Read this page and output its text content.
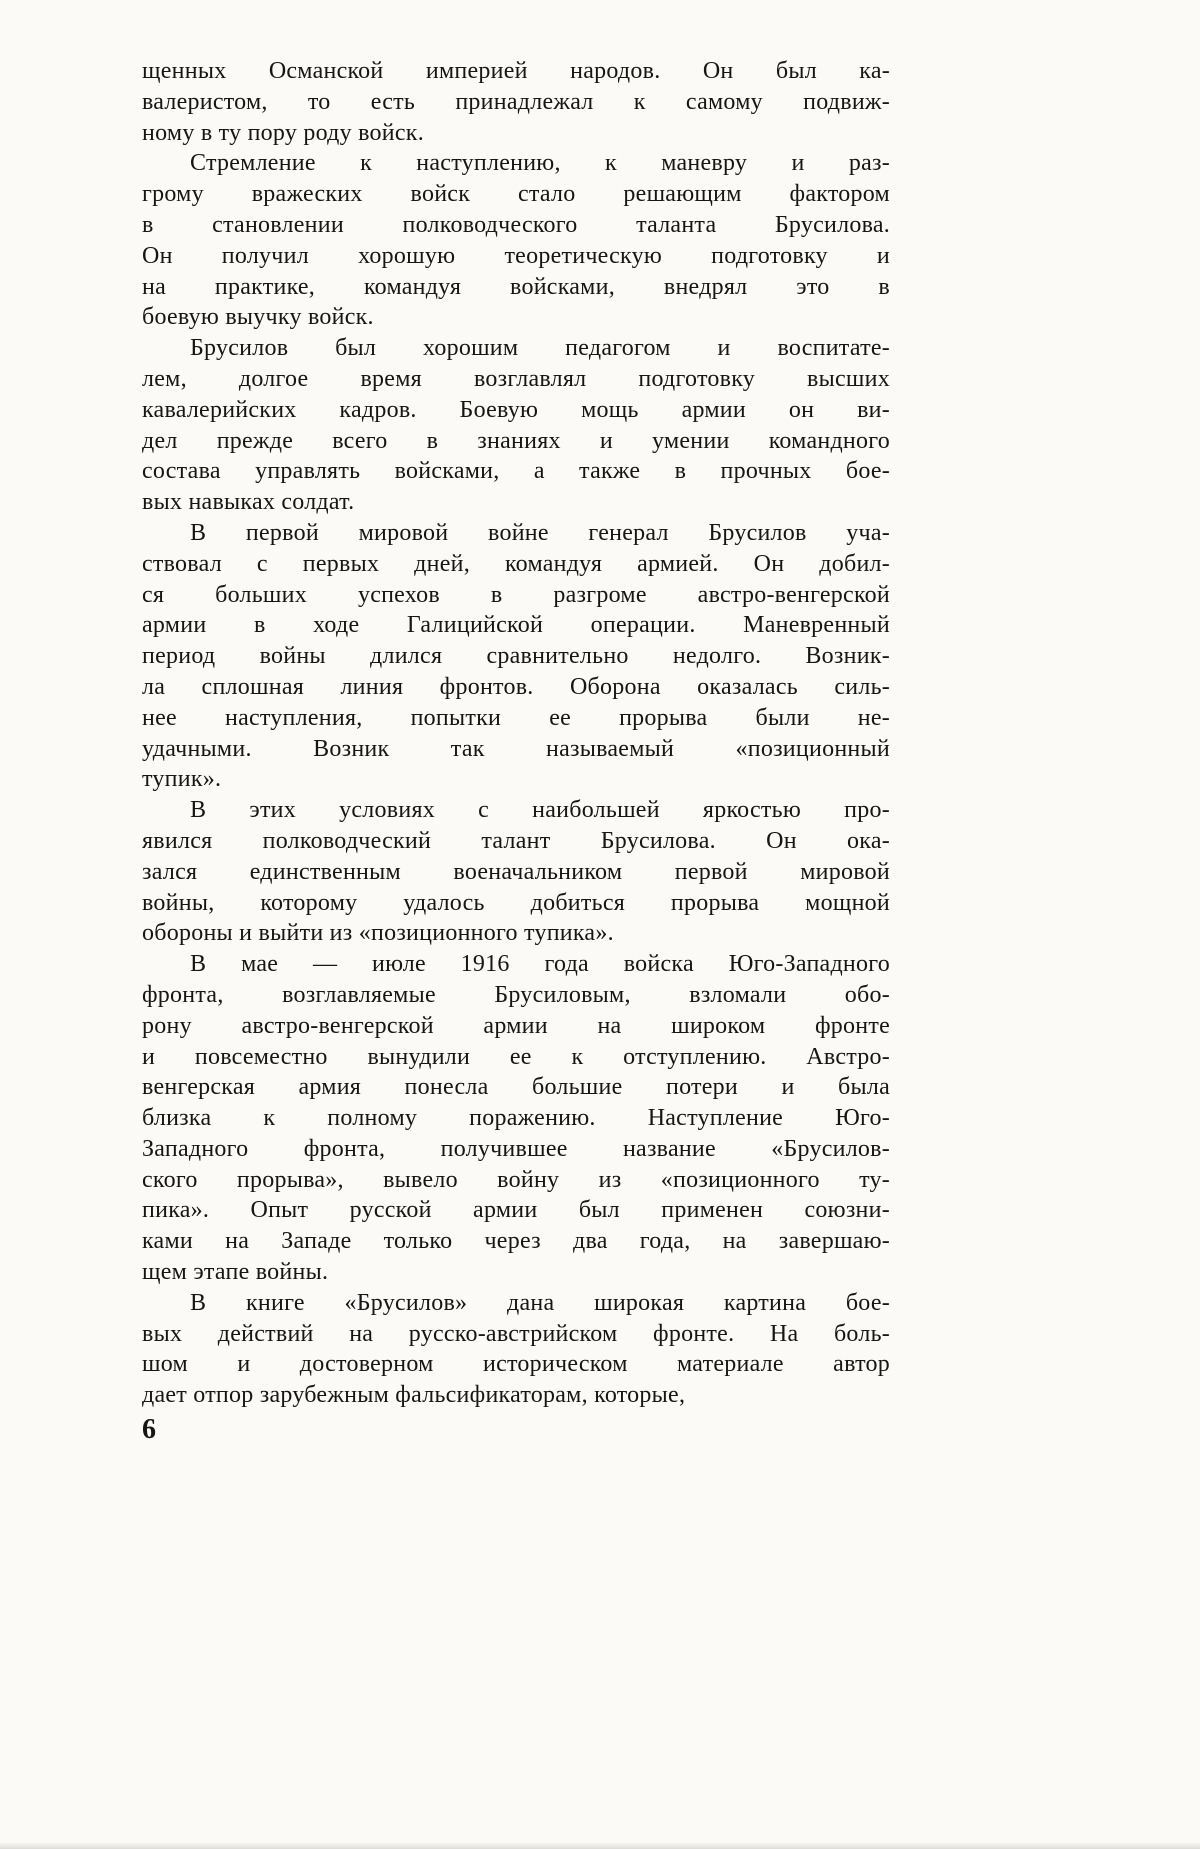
щенных Османской империей народов. Он был ка-
валеристом, то есть принадлежал к самому подвиж-
ному в ту пору роду войск.
Стремление к наступлению, к маневру и раз-
грому вражеских войск стало решающим фактором
в становлении полководческого таланта Брусилова.
Он получил хорошую теоретическую подготовку и
на практике, командуя войсками, внедрял это в
боевую выучку войск.
Брусилов был хорошим педагогом и воспитате-
лем, долгое время возглавлял подготовку высших
кавалерийских кадров. Боевую мощь армии он ви-
дел прежде всего в знаниях и умении командного
состава управлять войсками, а также в прочных бое-
вых навыках солдат.
В первой мировой войне генерал Брусилов уча-
ствовал с первых дней, командуя армией. Он добил-
ся больших успехов в разгроме австро-венгерской
армии в ходе Галицийской операции. Маневренный
период войны длился сравнительно недолго. Возник-
ла сплошная линия фронтов. Оборона оказалась силь-
нее наступления, попытки ее прорыва были не-
удачными. Возник так называемый «позиционный
тупик».
В этих условиях с наибольшей яркостью про-
явился полководческий талант Брусилова. Он ока-
зался единственным военачальником первой мировой
войны, которому удалось добиться прорыва мощной
обороны и выйти из «позиционного тупика».
В мае — июле 1916 года войска Юго-Западного
фронта, возглавляемые Брусиловым, взломали обо-
рону австро-венгерской армии на широком фронте
и повсеместно вынудили ее к отступлению. Австро-
венгерская армия понесла большие потери и была
близка к полному поражению. Наступление Юго-
Западного фронта, получившее название «Брусилов-
ского прорыва», вывело войну из «позиционного ту-
пика». Опыт русской армии был применен союзни-
ками на Западе только через два года, на завершаю-
щем этапе войны.
В книге «Брусилов» дана широкая картина бое-
вых действий на русско-австрийском фронте. На боль-
шом и достоверном историческом материале автор
дает отпор зарубежным фальсификаторам, которые,
6
